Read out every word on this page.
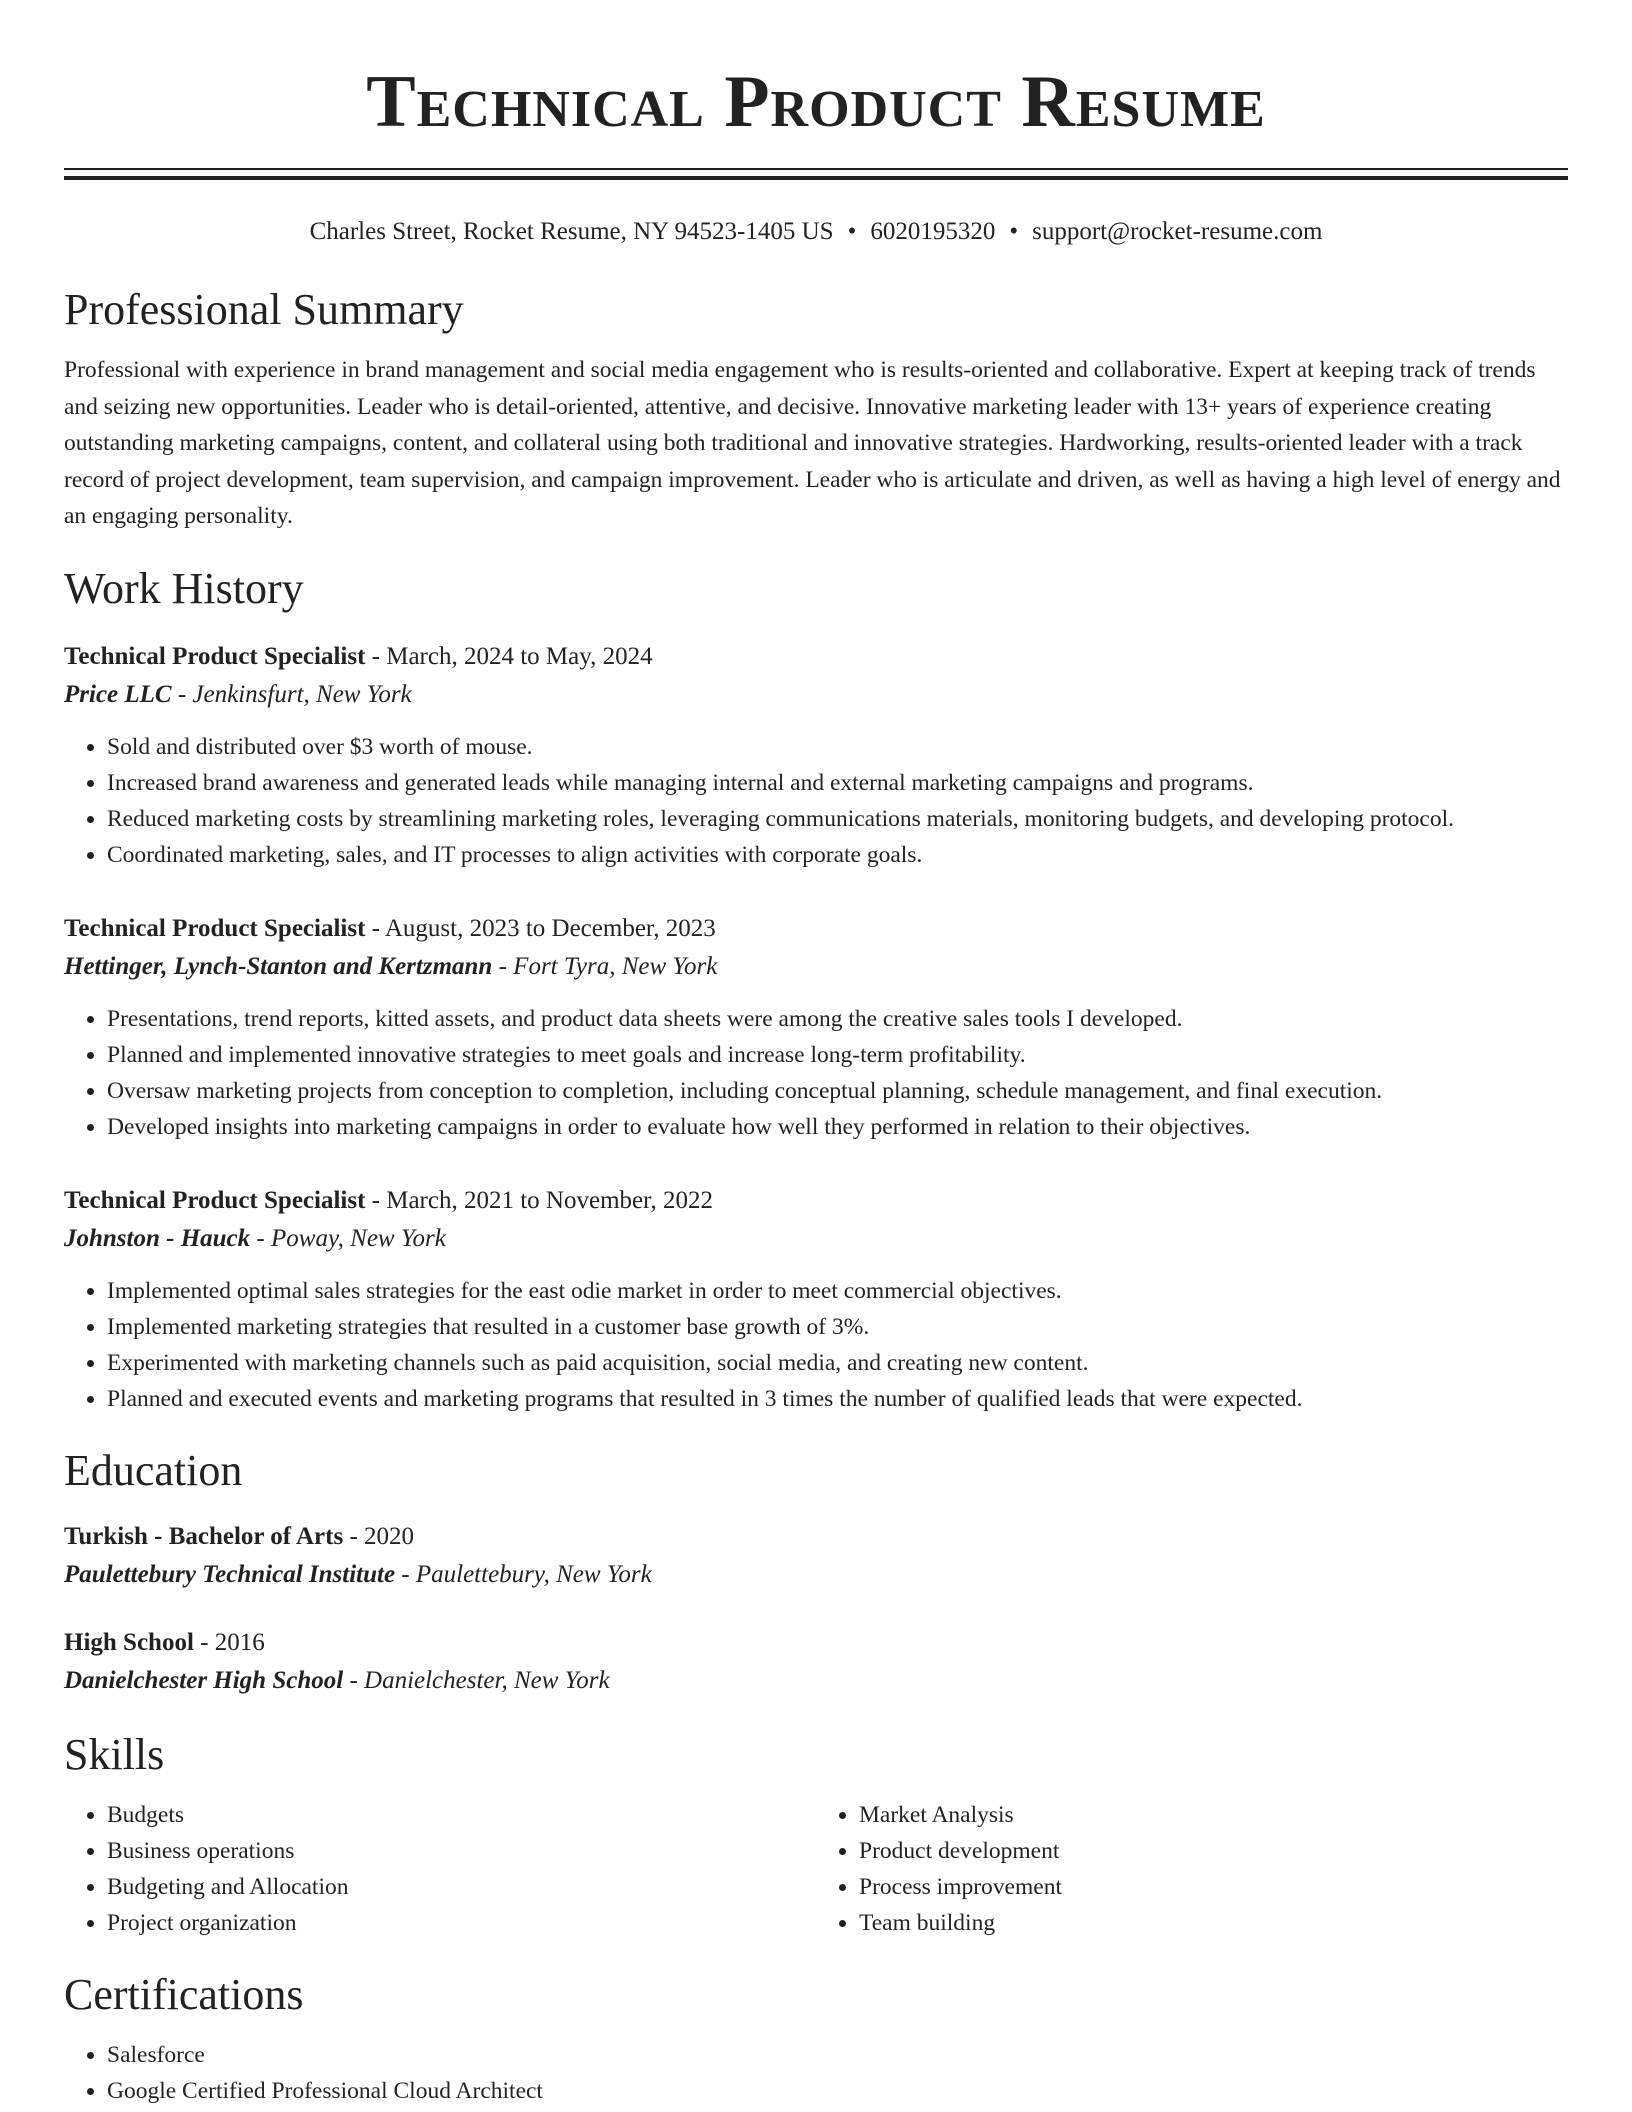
Technical Product Resume
Charles Street, Rocket Resume, NY 94523-1405 US • 6020195320 • support@rocket-resume.com
Professional Summary

Professional with experience in brand management and social media engagement who is results-oriented and collaborative. Expert at keeping track of trends and seizing new opportunities. Leader who is detail-oriented, attentive, and decisive. Innovative marketing leader with 13+ years of experience creating outstanding marketing campaigns, content, and collateral using both traditional and innovative strategies. Hardworking, results-oriented leader with a track record of project development, team supervision, and campaign improvement. Leader who is articulate and driven, as well as having a high level of energy and an engaging personality.

Work History
Technical Product Specialist - March, 2024 to May, 2024
Price LLC - Jenkinsfurt, New York
• Sold and distributed over $3 worth of mouse.
• Increased brand awareness and generated leads while managing internal and external marketing campaigns and programs.
• Reduced marketing costs by streamlining marketing roles, leveraging communications materials, monitoring budgets, and developing protocol.
• Coordinated marketing, sales, and IT processes to align activities with corporate goals.
Technical Product Specialist - August, 2023 to December, 2023
Hettinger, Lynch-Stanton and Kertzmann - Fort Tyra, New York
• Presentations, trend reports, kitted assets, and product data sheets were among the creative sales tools I developed.
• Planned and implemented innovative strategies to meet goals and increase long-term profitability.
• Oversaw marketing projects from conception to completion, including conceptual planning, schedule management, and final execution.
• Developed insights into marketing campaigns in order to evaluate how well they performed in relation to their objectives.
Technical Product Specialist - March, 2021 to November, 2022
Johnston - Hauck - Poway, New York
• Implemented optimal sales strategies for the east odie market in order to meet commercial objectives.
• Implemented marketing strategies that resulted in a customer base growth of 3%.
• Experimented with marketing channels such as paid acquisition, social media, and creating new content.
• Planned and executed events and marketing programs that resulted in 3 times the number of qualified leads that were expected.
Education
Turkish - Bachelor of Arts - 2020
Paulettebury Technical Institute - Paulettebury, New York
High School - 2016
Danielchester High School - Danielchester, New York
Skills
• Budgets
• Business operations
• Budgeting and Allocation
• Project organization
• Market Analysis
• Product development
• Process improvement
• Team building
Certifications
• Salesforce
• Google Certified Professional Cloud Architect
